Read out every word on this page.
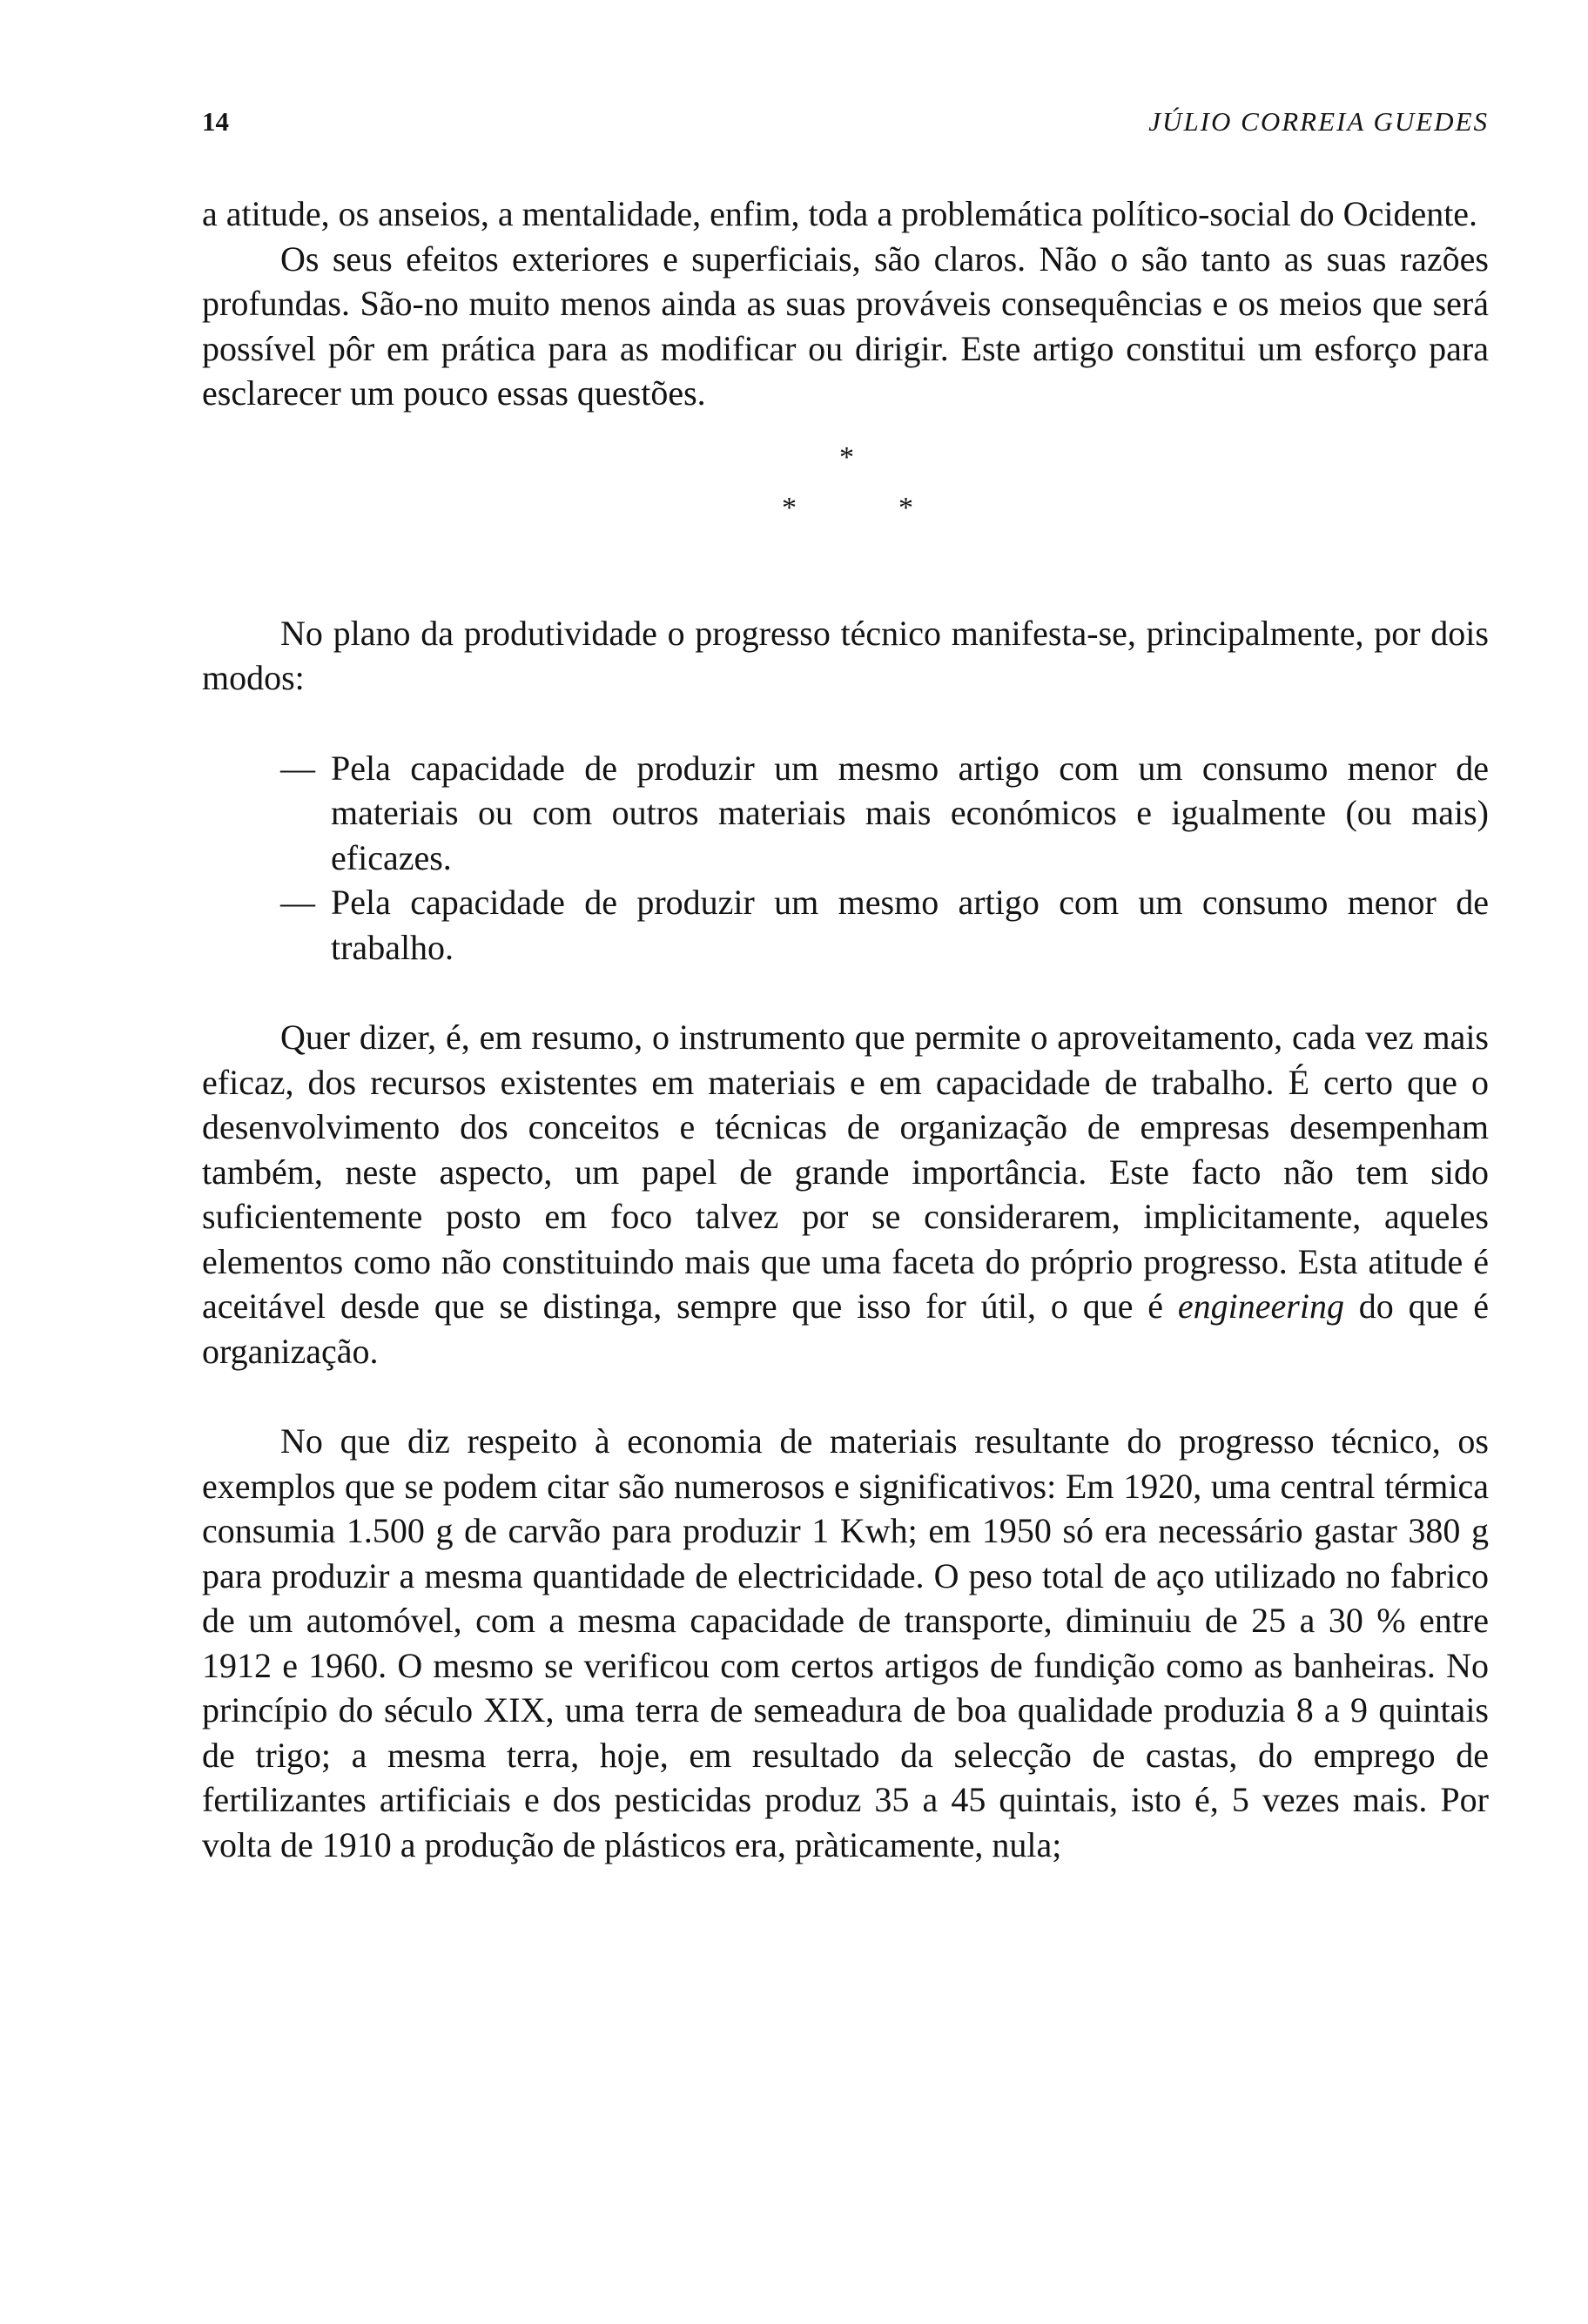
14	JÚLIO CORREIA GUEDES

a atitude, os anseios, a mentalidade, enfim, toda a problemática político-social do Ocidente.

Os seus efeitos exteriores e superficiais, são claros. Não o são tanto as suas razões profundas. São-no muito menos ainda as suas prováveis consequências e os meios que será possível pôr em prática para as modificar ou dirigir. Este artigo constitui um esforço para esclarecer um pouco essas questões.

*
*	*

No plano da produtividade o progresso técnico manifesta-se, principalmente, por dois modos:

— Pela capacidade de produzir um mesmo artigo com um consumo menor de materiais ou com outros materiais mais económicos e igualmente (ou mais) eficazes.
— Pela capacidade de produzir um mesmo artigo com um consumo menor de trabalho.

Quer dizer, é, em resumo, o instrumento que permite o aproveitamento, cada vez mais eficaz, dos recursos existentes em materiais e em capacidade de trabalho. É certo que o desenvolvimento dos conceitos e técnicas de organização de empresas desempenham também, neste aspecto, um papel de grande importância. Este facto não tem sido suficientemente posto em foco talvez por se considerarem, implicitamente, aqueles elementos como não constituindo mais que uma faceta do próprio progresso. Esta atitude é aceitável desde que se distinga, sempre que isso for útil, o que é engineering do que é organização.

No que diz respeito à economia de materiais resultante do progresso técnico, os exemplos que se podem citar são numerosos e significativos: Em 1920, uma central térmica consumia 1.500 g de carvão para produzir 1 Kwh; em 1950 só era necessário gastar 380 g para produzir a mesma quantidade de electricidade. O peso total de aço utilizado no fabrico de um automóvel, com a mesma capacidade de transporte, diminuiu de 25 a 30 % entre 1912 e 1960. O mesmo se verificou com certos artigos de fundição como as banheiras. No princípio do século XIX, uma terra de semeadura de boa qualidade produzia 8 a 9 quintais de trigo; a mesma terra, hoje, em resultado da selecção de castas, do emprego de fertilizantes artificiais e dos pesticidas produz 35 a 45 quintais, isto é, 5 vezes mais. Por volta de 1910 a produção de plásticos era, pràticamente, nula;
